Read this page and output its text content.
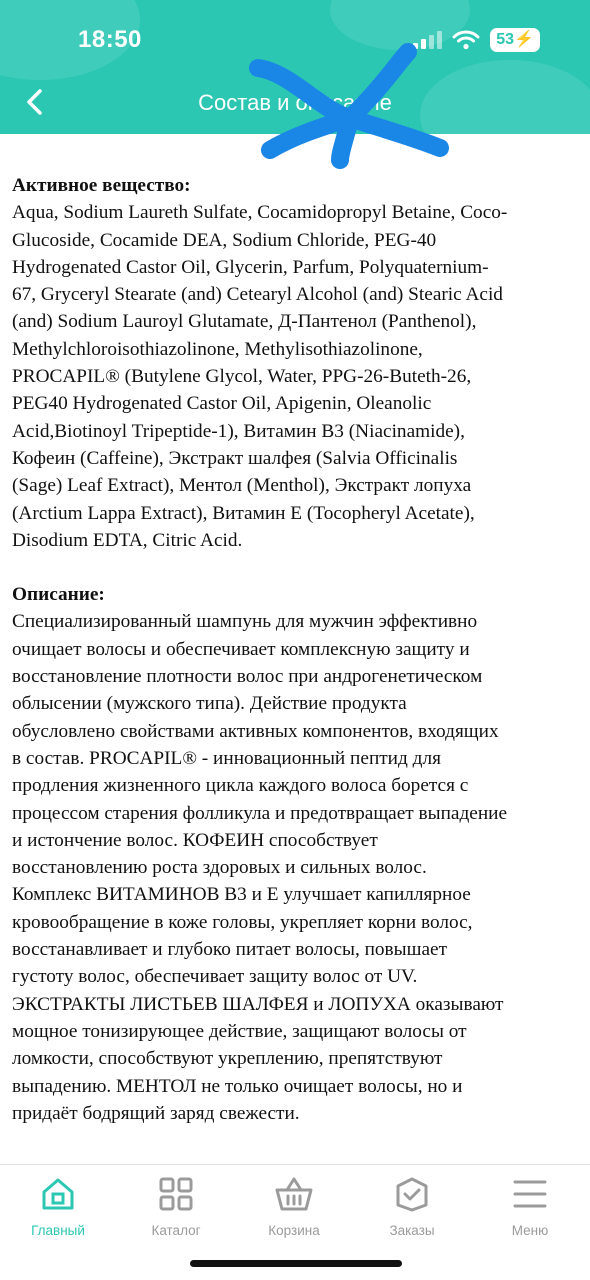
18:50	53⚡
Состав и описание
Активное вещество:
Aqua, Sodium Laureth Sulfate, Cocamidopropyl Betaine, Coco-
Glucoside, Cocamide DEA, Sodium Chloride, PEG-40
Hydrogenated Castor Oil, Glycerin, Parfum, Polyquaternium-
67, Gryceryl Stearate (and) Cetearyl Alcohol (and) Stearic Acid
(and) Sodium Lauroyl Glutamate, Д-Пантенол (Panthenol),
Methylchloroisothiazolinone, Methylisothiazolinone,
PROCAPIL® (Butylene Glycol, Water, PPG-26-Buteth-26,
PEG40 Hydrogenated Castor Oil, Apigenin, Oleanolic
Acid,Biotinoyl Tripeptide-1), Витамин B3 (Niacinamide),
Кофеин (Caffeine), Экстракт шалфея (Salvia Officinalis
(Sage) Leaf Extract), Ментол (Menthol), Экстракт лопуха
(Arctium Lappa Extract), Витамин E (Tocopheryl Acetate),
Disodium EDTA, Citric Acid.
Описание:
Специализированный шампунь для мужчин эффективно
очищает волосы и обеспечивает комплексную защиту и
восстановление плотности волос при андрогенетическом
облысении (мужского типа). Действие продукта
обусловлено свойствами активных компонентов, входящих
в состав. PROCAPIL® - инновационный пептид для
продления жизненного цикла каждого волоса борется с
процессом старения фолликула и предотвращает выпадение
и истончение волос. КОФЕИН способствует
восстановлению роста здоровых и сильных волос.
Комплекс ВИТАМИНОВ B3 и E улучшает капиллярное
кровообращение в коже головы, укрепляет корни волос,
восстанавливает и глубоко питает волосы, повышает
густоту волос, обеспечивает защиту волос от UV.
ЭКСТРАКТЫ ЛИСТЬЕВ ШАЛФЕЯ и ЛОПУХА оказывают
мощное тонизирующее действие, защищают волосы от
ломкости, способствуют укреплению, препятствуют
выпадению. МЕНТОЛ не только очищает волосы, но и
придаёт бодрящий заряд свежести.
Главный	Каталог	Корзина	Заказы	Меню
